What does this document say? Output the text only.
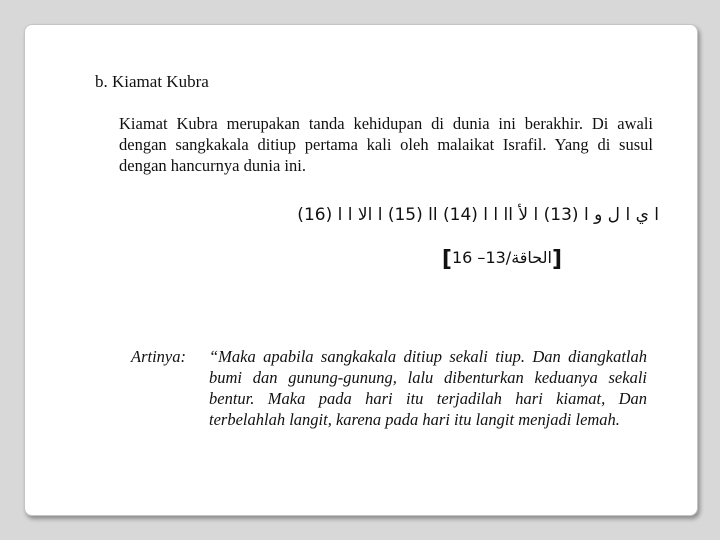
b. Kiamat Kubra
Kiamat Kubra merupakan tanda kehidupan di dunia ini berakhir. Di awali dengan sangkakala ditiup pertama kali oleh malaikat Israfil. Yang di susul dengan hancurnya dunia ini.
ا ي ا ل و ا (13) ا لأ اا ا ا (14) اا (15) ا الا ا ا (16)
[الحاقة/13– 16]
Artinya: “Maka apabila sangkakala ditiup sekali tiup. Dan diangkatlah bumi dan gunung-gunung, lalu dibenturkan keduanya sekali bentur. Maka pada hari itu terjadilah hari kiamat, Dan terbelahlah langit, karena pada hari itu langit menjadi lemah.
